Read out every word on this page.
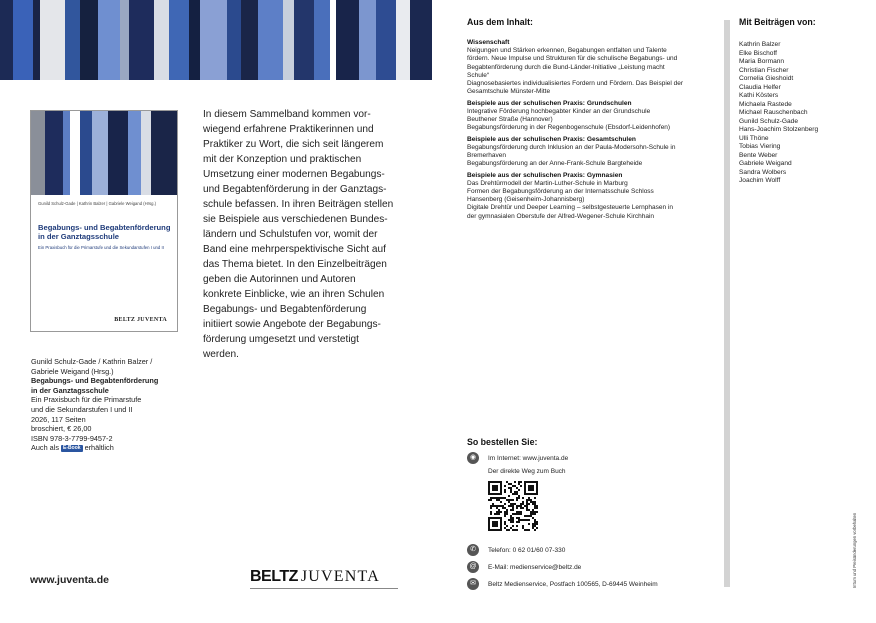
Gunild Schulz-Gade | Kathrin Balzer | Gabriele Weigand (Hrsg.)
Begabungs- und Begabtenförderung in der Ganztagsschule
Ein Praxisbuch für die Primarstufe und die Sekundarstufen I und II
BELTZ JUVENTA
Gunild Schulz-Gade / Kathrin Balzer /
Gabriele Weigand (Hrsg.)
Begabungs- und Begabtenförderung
in der Ganztagsschule
Ein Praxisbuch für die Primarstufe
und die Sekundarstufen I und II
2026, 117 Seiten
broschiert, € 26,00
ISBN 978-3-7799-9457-2
Auch als E-Book erhältlich
In diesem Sammelband kommen vor-
wiegend erfahrene Praktikerinnen und
Praktiker zu Wort, die sich seit längerem
mit der Konzeption und praktischen
Umsetzung einer modernen Begabungs-
und Begabtenförderung in der Ganztags-
schule befassen. In ihren Beiträgen stellen
sie Beispiele aus verschiedenen Bundes-
ländern und Schulstufen vor, womit der
Band eine mehrperspektivische Sicht auf
das Thema bietet. In den Einzelbeiträgen
geben die Autorinnen und Autoren
konkrete Einblicke, wie an ihren Schulen
Begabungs- und Begabtenförderung
initiiert sowie Angebote der Begabungs-
förderung umgesetzt und verstetigt
werden.
www.juventa.de	BELTZ JUVENTA
Aus dem Inhalt:
Wissenschaft
Neigungen und Stärken erkennen, Begabungen entfalten und Talente
fördern. Neue Impulse und Strukturen für die schulische Begabungs- und
Begabtenförderung durch die Bund-Länder-Initiative „Leistung macht
Schule“
Diagnosebasiertes individualisiertes Fordern und Fördern. Das Beispiel der
Gesamtschule Münster-Mitte
Beispiele aus der schulischen Praxis: Grundschulen
Integrative Förderung hochbegabter Kinder an der Grundschule
Beuthener Straße (Hannover)
Begabungsförderung in der Regenbogenschule (Ebsdorf-Leidenhofen)
Beispiele aus der schulischen Praxis: Gesamtschulen
Begabungsförderung durch Inklusion an der Paula-Modersohn-Schule in
Bremerhaven
Begabungsförderung an der Anne-Frank-Schule Bargteheide
Beispiele aus der schulischen Praxis: Gymnasien
Das Drehtürmodell der Martin-Luther-Schule in Marburg
Formen der Begabungsförderung an der Internatsschule Schloss
Hansenberg (Geisenheim-Johannisberg)
Digitale Drehtür und Deeper Learning – selbstgesteuerte Lernphasen in
der gymnasialen Oberstufe der Alfred-Wegener-Schule Kirchhain
So bestellen Sie:
◉	Im Internet: www.juventa.de
Der direkte Weg zum Buch
✆	Telefon: 0 62 01/60 07-330
@	E-Mail: medienservice@beltz.de
✉	Beltz Medienservice, Postfach 100565, D-69445 Weinheim
Mit Beiträgen von:
Kathrin Balzer
Elke Bischoff
Maria Bormann
Christian Fischer
Cornelia Gieshoidt
Claudia Helfer
Kathi Kösters
Michaela Rastede
Michael Rauschenbach
Gunild Schulz-Gade
Hans-Joachim Stolzenberg
Ulli Thöne
Tobias Viering
Bente Weber
Gabriele Weigand
Sandra Wolbers
Joachim Wolff
Irrtum und Preisänderungen vorbehalten
